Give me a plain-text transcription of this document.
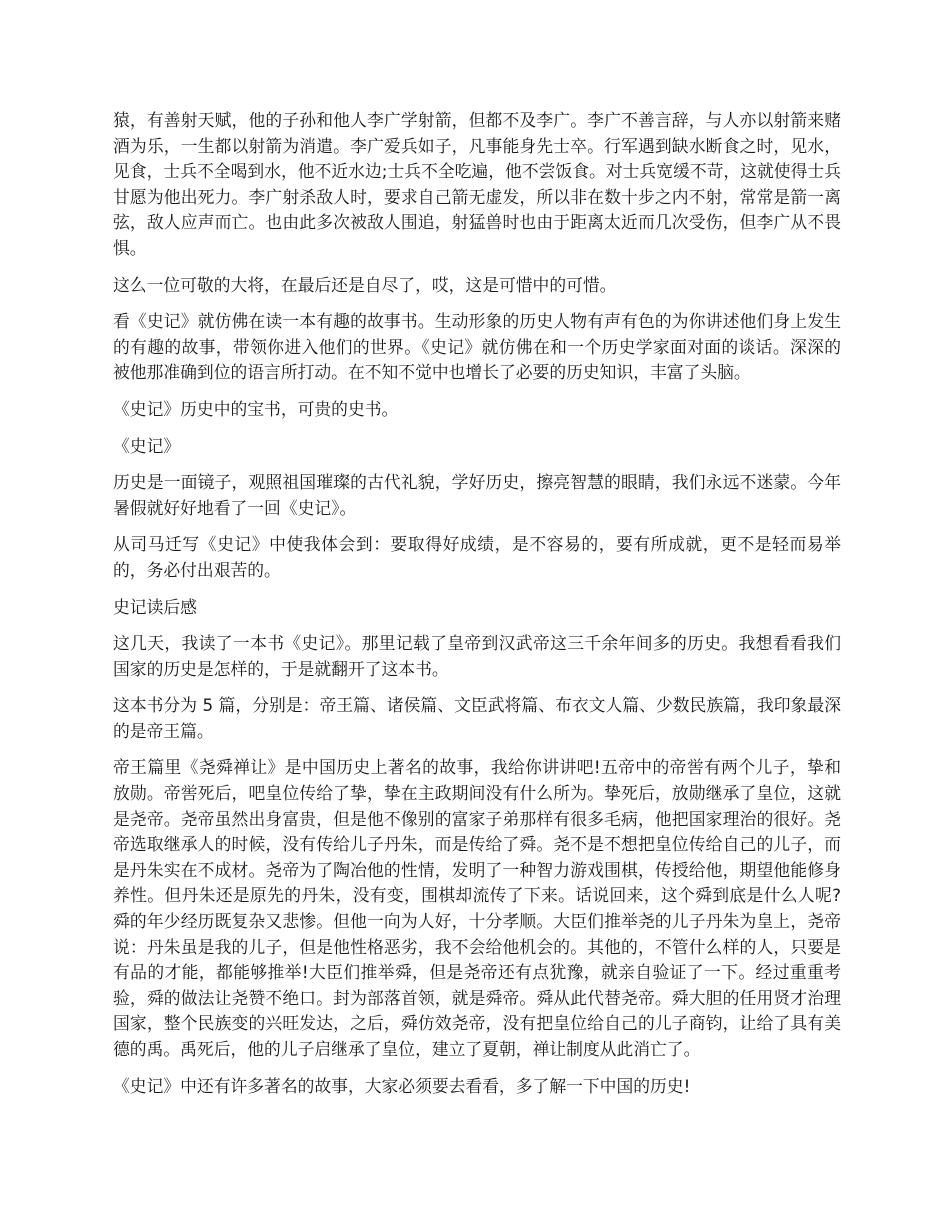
猿，有善射天赋，他的子孙和他人李广学射箭，但都不及李广。李广不善言辞，与人亦以射箭来赌酒为乐，一生都以射箭为消遣。李广爱兵如子，凡事能身先士卒。行军遇到缺水断食之时，见水，见食，士兵不全喝到水，他不近水边;士兵不全吃遍，他不尝饭食。对士兵宽缓不苛，这就使得士兵甘愿为他出死力。李广射杀敌人时，要求自己箭无虚发，所以非在数十步之内不射，常常是箭一离弦，敌人应声而亡。也由此多次被敌人围追，射猛兽时也由于距离太近而几次受伤，但李广从不畏惧。

这么一位可敬的大将，在最后还是自尽了，哎，这是可惜中的可惜。

看《史记》就仿佛在读一本有趣的故事书。生动形象的历史人物有声有色的为你讲述他们身上发生的有趣的故事，带领你进入他们的世界。《史记》就仿佛在和一个历史学家面对面的谈话。深深的被他那准确到位的语言所打动。在不知不觉中也增长了必要的历史知识，丰富了头脑。

《史记》历史中的宝书，可贵的史书。

《史记》

历史是一面镜子，观照祖国璀璨的古代礼貌，学好历史，擦亮智慧的眼睛，我们永远不迷蒙。今年暑假就好好地看了一回《史记》。

从司马迁写《史记》中使我体会到：要取得好成绩，是不容易的，要有所成就，更不是轻而易举的，务必付出艰苦的。

史记读后感

这几天，我读了一本书《史记》。那里记载了皇帝到汉武帝这三千余年间多的历史。我想看看我们国家的历史是怎样的，于是就翻开了这本书。

这本书分为 5 篇，分别是：帝王篇、诸侯篇、文臣武将篇、布衣文人篇、少数民族篇，我印象最深的是帝王篇。

帝王篇里《尧舜禅让》是中国历史上著名的故事，我给你讲讲吧!五帝中的帝喾有两个儿子，挚和放勋。帝喾死后，吧皇位传给了挚，挚在主政期间没有什么所为。挚死后，放勋继承了皇位，这就是尧帝。尧帝虽然出身富贵，但是他不像别的富家子弟那样有很多毛病，他把国家理治的很好。尧帝选取继承人的时候，没有传给儿子丹朱，而是传给了舜。尧不是不想把皇位传给自己的儿子，而是丹朱实在不成材。尧帝为了陶冶他的性情，发明了一种智力游戏围棋，传授给他，期望他能修身养性。但丹朱还是原先的丹朱，没有变，围棋却流传了下来。话说回来，这个舜到底是什么人呢?舜的年少经历既复杂又悲惨。但他一向为人好，十分孝顺。大臣们推举尧的儿子丹朱为皇上，尧帝说：丹朱虽是我的儿子，但是他性格恶劣，我不会给他机会的。其他的，不管什么样的人，只要是有品的才能，都能够推举!大臣们推举舜，但是尧帝还有点犹豫，就亲自验证了一下。经过重重考验，舜的做法让尧赞不绝口。封为部落首领，就是舜帝。舜从此代替尧帝。舜大胆的任用贤才治理国家，整个民族变的兴旺发达，之后，舜仿效尧帝，没有把皇位给自己的儿子商钧，让给了具有美德的禹。禹死后，他的儿子启继承了皇位，建立了夏朝，禅让制度从此消亡了。

《史记》中还有许多著名的故事，大家必须要去看看，多了解一下中国的历史!
